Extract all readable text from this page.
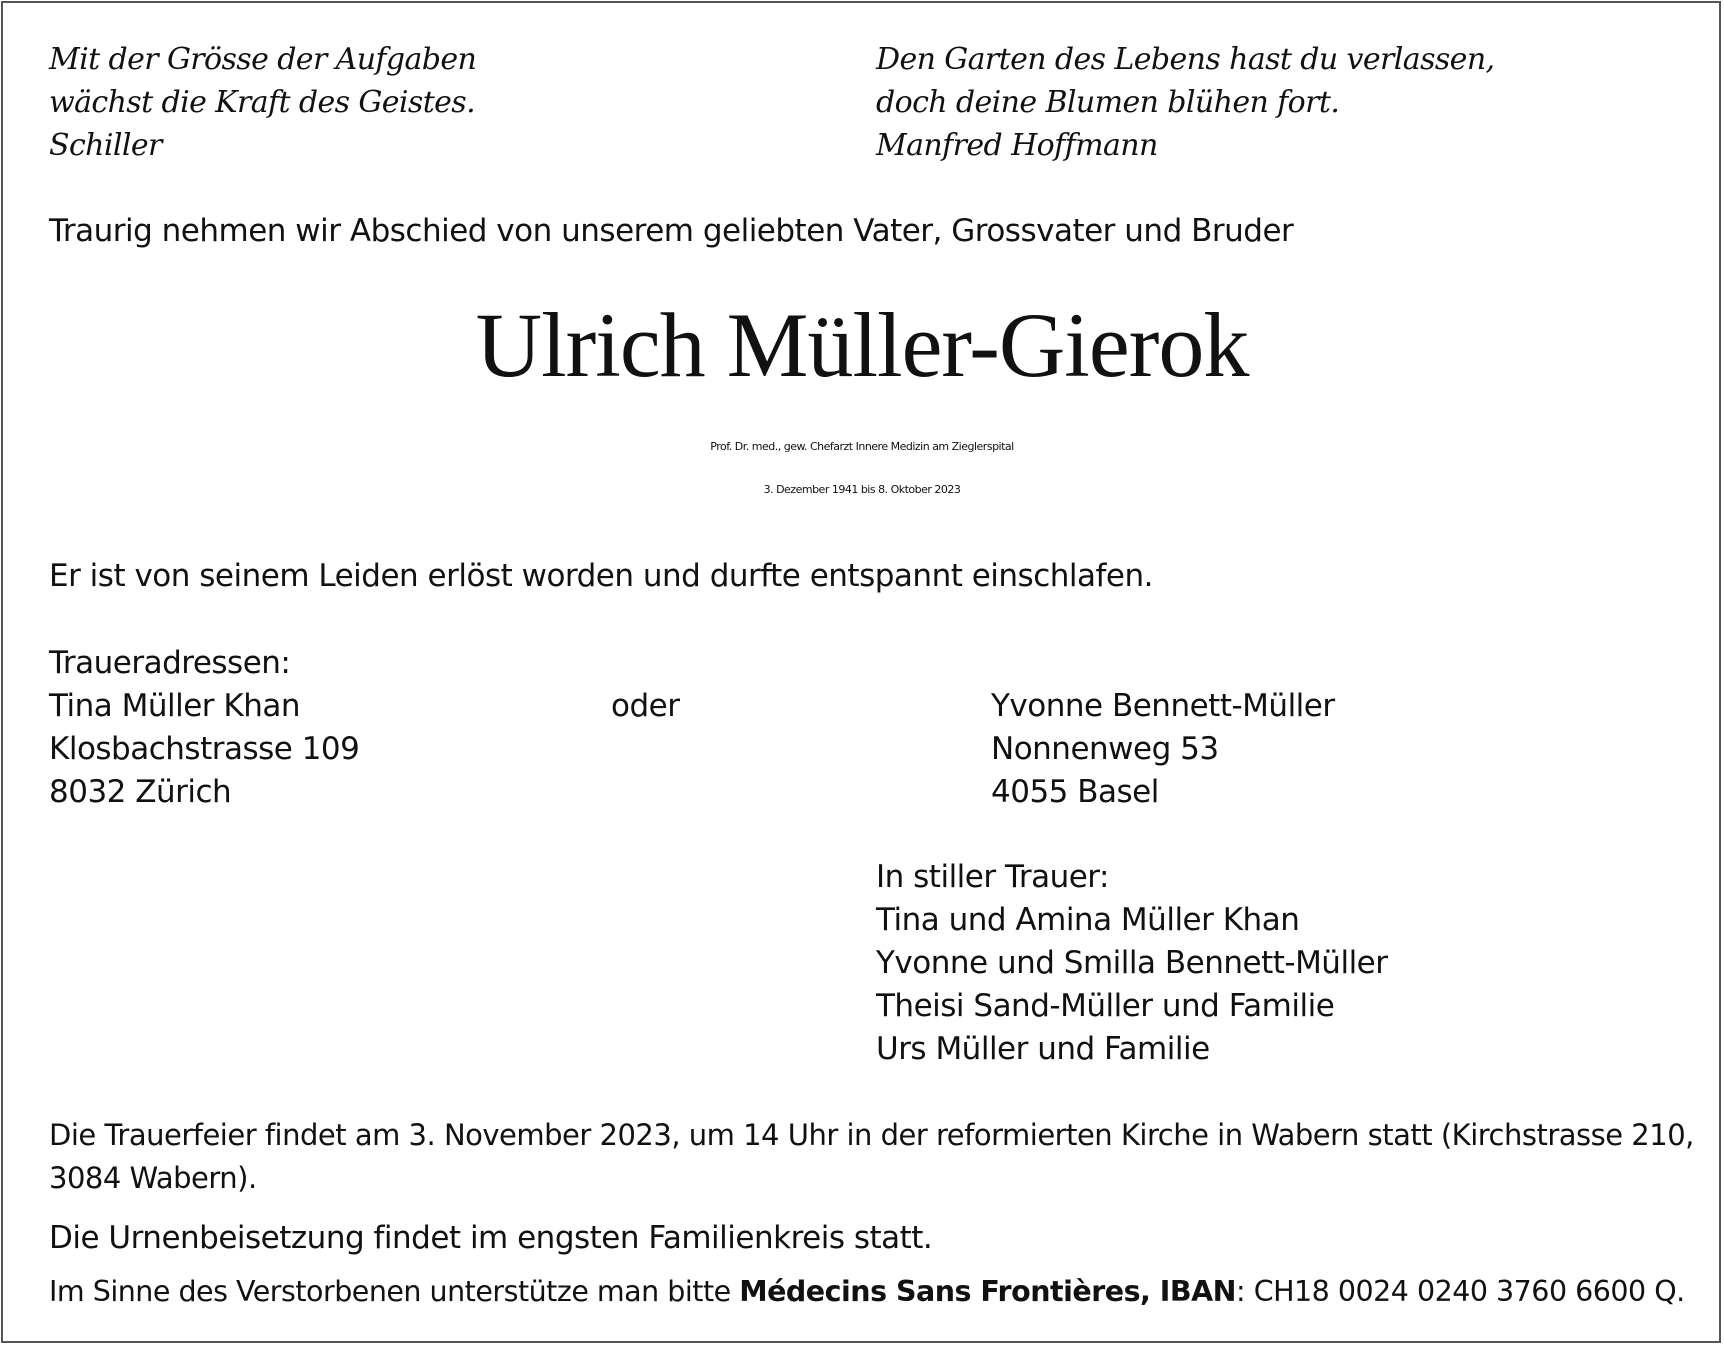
Mit der Grösse der Aufgaben
wächst die Kraft des Geistes.
Schiller
Den Garten des Lebens hast du verlassen,
doch deine Blumen blühen fort.
Manfred Hoffmann
Traurig nehmen wir Abschied von unserem geliebten Vater, Grossvater und Bruder
Ulrich Müller-Gierok
Prof. Dr. med., gew. Chefarzt Innere Medizin am Zieglerspital
3. Dezember 1941 bis 8. Oktober 2023
Er ist von seinem Leiden erlöst worden und durfte entspannt einschlafen.
Traueradressen:
Tina Müller Khan
Klosbachstrasse 109
8032 Zürich
oder	Yvonne Bennett-Müller
Nonnenweg 53
4055 Basel
In stiller Trauer:
Tina und Amina Müller Khan
Yvonne und Smilla Bennett-Müller
Theisi Sand-Müller und Familie
Urs Müller und Familie
Die Trauerfeier findet am 3. November 2023, um 14 Uhr in der reformierten Kirche in Wabern statt (Kirchstrasse 210,
3084 Wabern).
Die Urnenbeisetzung findet im engsten Familienkreis statt.
Im Sinne des Verstorbenen unterstütze man bitte Médecins Sans Frontières, IBAN: CH18 0024 0240 3760 6600 Q.
